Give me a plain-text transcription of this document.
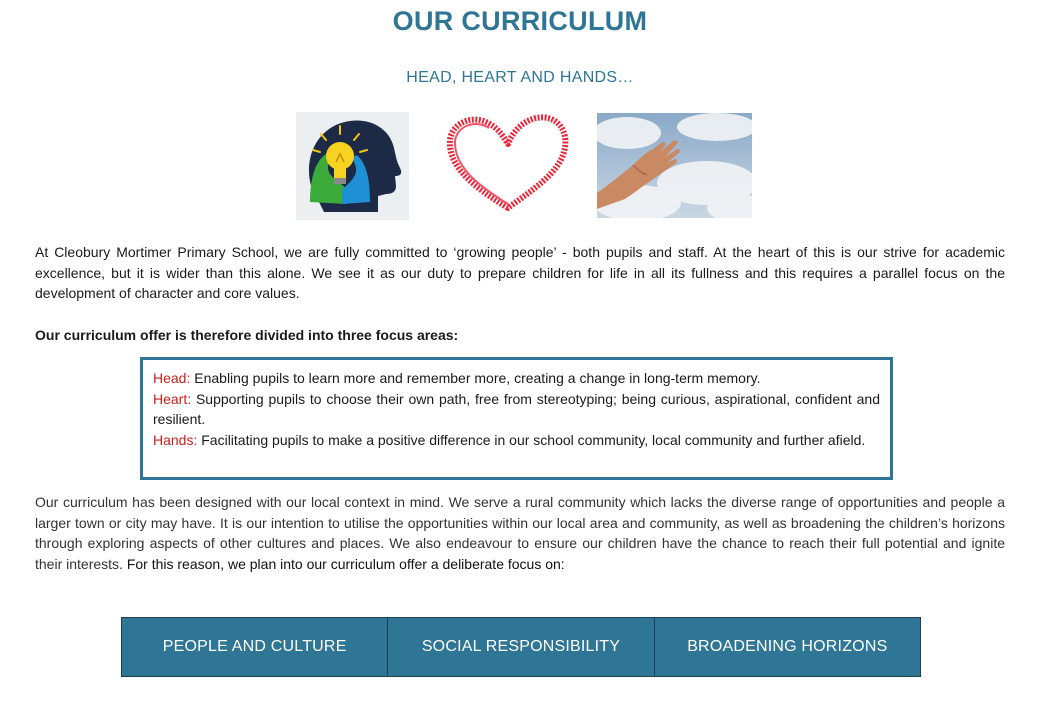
OUR CURRICULUM
HEAD, HEART AND HANDS…

At Cleobury Mortimer Primary School, we are fully committed to ‘growing people’ - both pupils and staff. At the heart of this is our strive for academic excellence, but it is wider than this alone. We see it as our duty to prepare children for life in all its fullness and this requires a parallel focus on the development of character and core values.

Our curriculum offer is therefore divided into three focus areas:

Head: Enabling pupils to learn more and remember more, creating a change in long-term memory.

Heart: Supporting pupils to choose their own path, free from stereotyping; being curious, aspirational, confident and resilient.

Hands: Facilitating pupils to make a positive difference in our school community, local community and further afield.

Our curriculum has been designed with our local context in mind. We serve a rural community which lacks the diverse range of opportunities and people a larger town or city may have. It is our intention to utilise the opportunities within our local area and community, as well as broadening the children’s horizons through exploring aspects of other cultures and places. We also endeavour to ensure our children have the chance to reach their full potential and ignite their interests. For this reason, we plan into our curriculum offer a deliberate focus on:

PEOPLE AND CULTURE	SOCIAL RESPONSIBILITY	BROADENING HORIZONS
